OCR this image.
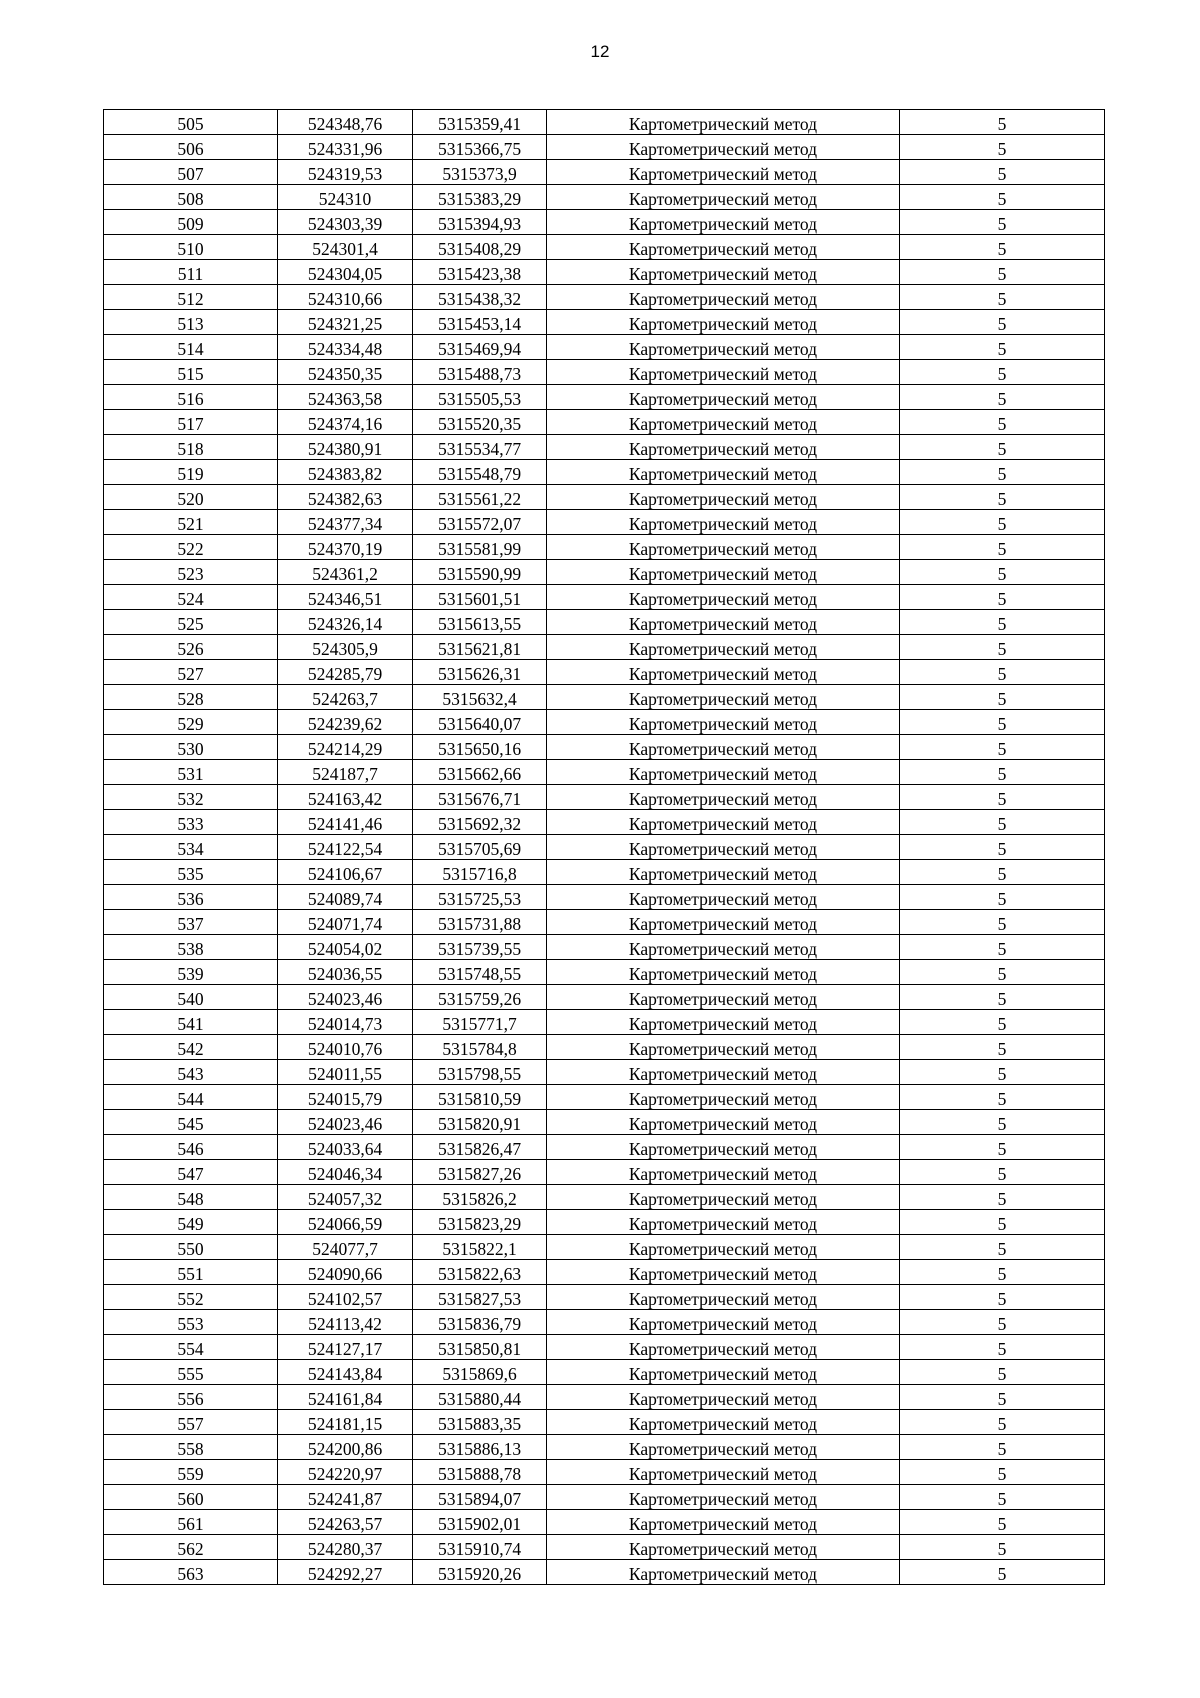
12
505	524348,76	5315359,41	Картометрический метод	5
506	524331,96	5315366,75	Картометрический метод	5
507	524319,53	5315373,9	Картометрический метод	5
508	524310	5315383,29	Картометрический метод	5
509	524303,39	5315394,93	Картометрический метод	5
510	524301,4	5315408,29	Картометрический метод	5
511	524304,05	5315423,38	Картометрический метод	5
512	524310,66	5315438,32	Картометрический метод	5
513	524321,25	5315453,14	Картометрический метод	5
514	524334,48	5315469,94	Картометрический метод	5
515	524350,35	5315488,73	Картометрический метод	5
516	524363,58	5315505,53	Картометрический метод	5
517	524374,16	5315520,35	Картометрический метод	5
518	524380,91	5315534,77	Картометрический метод	5
519	524383,82	5315548,79	Картометрический метод	5
520	524382,63	5315561,22	Картометрический метод	5
521	524377,34	5315572,07	Картометрический метод	5
522	524370,19	5315581,99	Картометрический метод	5
523	524361,2	5315590,99	Картометрический метод	5
524	524346,51	5315601,51	Картометрический метод	5
525	524326,14	5315613,55	Картометрический метод	5
526	524305,9	5315621,81	Картометрический метод	5
527	524285,79	5315626,31	Картометрический метод	5
528	524263,7	5315632,4	Картометрический метод	5
529	524239,62	5315640,07	Картометрический метод	5
530	524214,29	5315650,16	Картометрический метод	5
531	524187,7	5315662,66	Картометрический метод	5
532	524163,42	5315676,71	Картометрический метод	5
533	524141,46	5315692,32	Картометрический метод	5
534	524122,54	5315705,69	Картометрический метод	5
535	524106,67	5315716,8	Картометрический метод	5
536	524089,74	5315725,53	Картометрический метод	5
537	524071,74	5315731,88	Картометрический метод	5
538	524054,02	5315739,55	Картометрический метод	5
539	524036,55	5315748,55	Картометрический метод	5
540	524023,46	5315759,26	Картометрический метод	5
541	524014,73	5315771,7	Картометрический метод	5
542	524010,76	5315784,8	Картометрический метод	5
543	524011,55	5315798,55	Картометрический метод	5
544	524015,79	5315810,59	Картометрический метод	5
545	524023,46	5315820,91	Картометрический метод	5
546	524033,64	5315826,47	Картометрический метод	5
547	524046,34	5315827,26	Картометрический метод	5
548	524057,32	5315826,2	Картометрический метод	5
549	524066,59	5315823,29	Картометрический метод	5
550	524077,7	5315822,1	Картометрический метод	5
551	524090,66	5315822,63	Картометрический метод	5
552	524102,57	5315827,53	Картометрический метод	5
553	524113,42	5315836,79	Картометрический метод	5
554	524127,17	5315850,81	Картометрический метод	5
555	524143,84	5315869,6	Картометрический метод	5
556	524161,84	5315880,44	Картометрический метод	5
557	524181,15	5315883,35	Картометрический метод	5
558	524200,86	5315886,13	Картометрический метод	5
559	524220,97	5315888,78	Картометрический метод	5
560	524241,87	5315894,07	Картометрический метод	5
561	524263,57	5315902,01	Картометрический метод	5
562	524280,37	5315910,74	Картометрический метод	5
563	524292,27	5315920,26	Картометрический метод	5
